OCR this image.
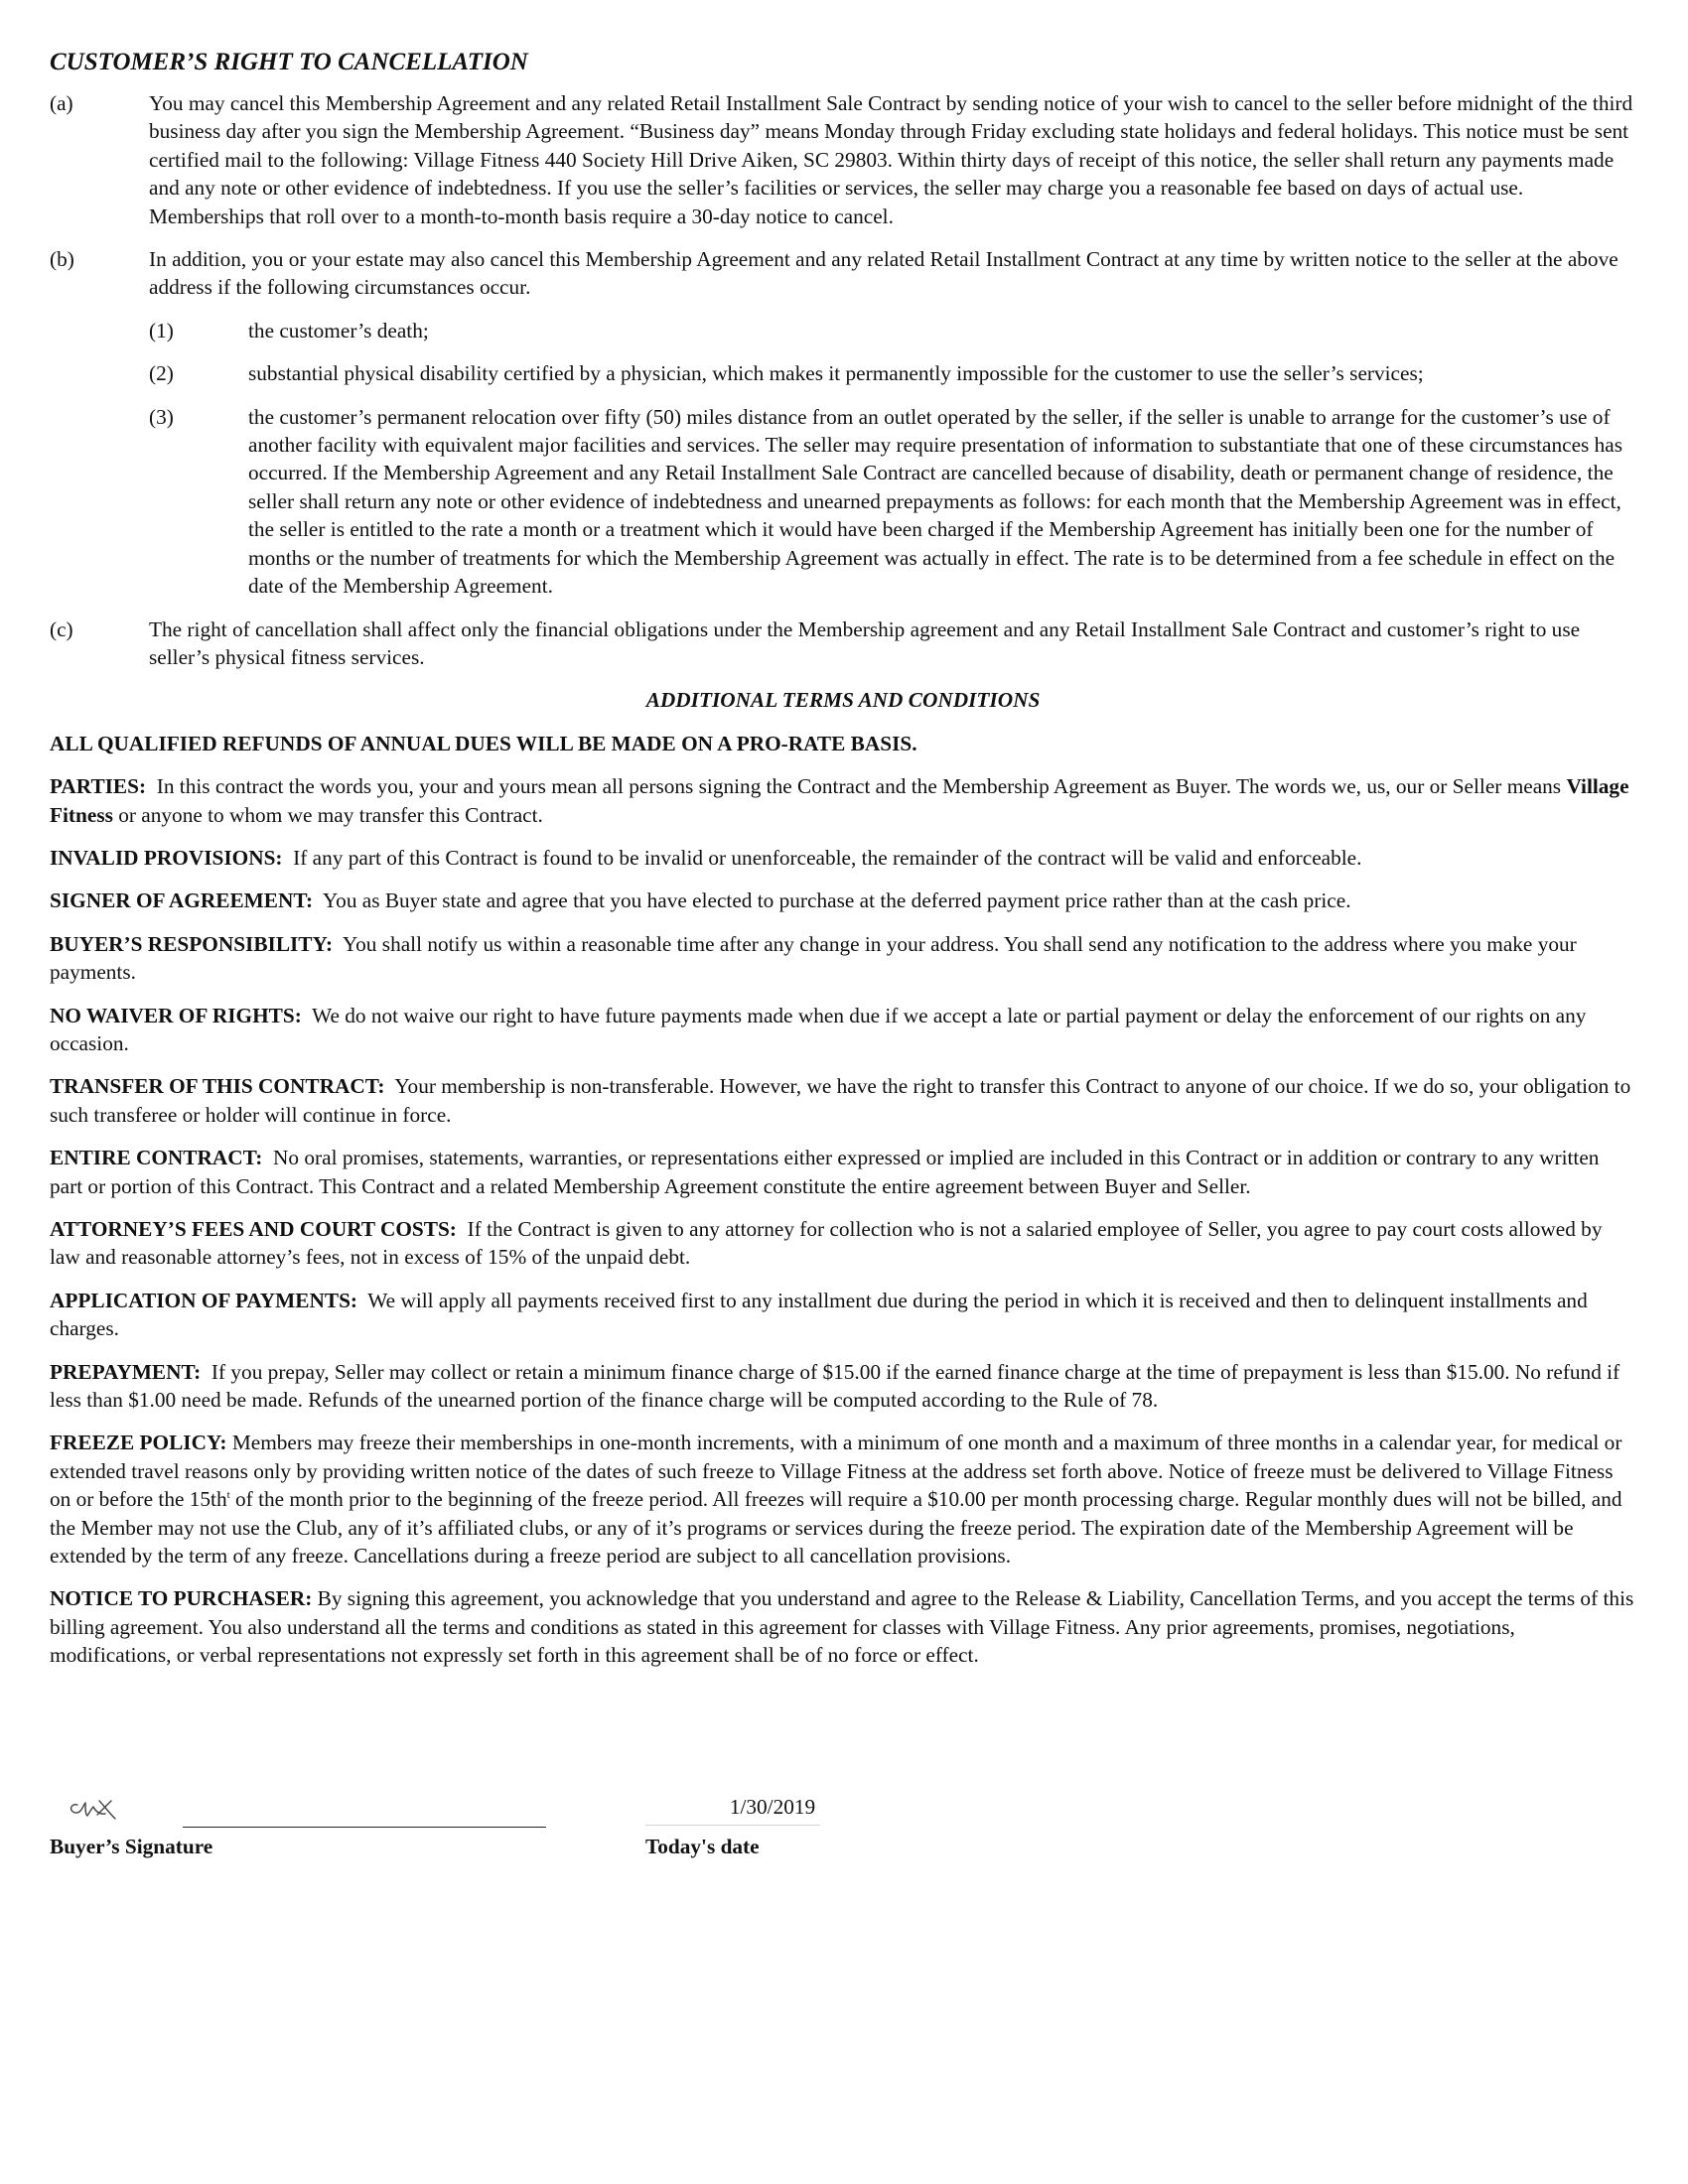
CUSTOMER’S RIGHT TO CANCELLATION
(a)	You may cancel this Membership Agreement and any related Retail Installment Sale Contract by sending notice of your wish to cancel to the seller before midnight of the third business day after you sign the Membership Agreement. “Business day” means Monday through Friday excluding state holidays and federal holidays. This notice must be sent certified mail to the following: Village Fitness 440 Society Hill Drive Aiken, SC 29803. Within thirty days of receipt of this notice, the seller shall return any payments made and any note or other evidence of indebtedness. If you use the seller’s facilities or services, the seller may charge you a reasonable fee based on days of actual use. Memberships that roll over to a month-to-month basis require a 30-day notice to cancel.
(b)	In addition, you or your estate may also cancel this Membership Agreement and any related Retail Installment Contract at any time by written notice to the seller at the above address if the following circumstances occur.
(1)	the customer’s death;
(2)	substantial physical disability certified by a physician, which makes it permanently impossible for the customer to use the seller’s services;
(3)	the customer’s permanent relocation over fifty (50) miles distance from an outlet operated by the seller, if the seller is unable to arrange for the customer’s use of another facility with equivalent major facilities and services. The seller may require presentation of information to substantiate that one of these circumstances has occurred. If the Membership Agreement and any Retail Installment Sale Contract are cancelled because of disability, death or permanent change of residence, the seller shall return any note or other evidence of indebtedness and unearned prepayments as follows: for each month that the Membership Agreement was in effect, the seller is entitled to the rate a month or a treatment which it would have been charged if the Membership Agreement has initially been one for the number of months or the number of treatments for which the Membership Agreement was actually in effect. The rate is to be determined from a fee schedule in effect on the date of the Membership Agreement.
(c)	The right of cancellation shall affect only the financial obligations under the Membership agreement and any Retail Installment Sale Contract and customer’s right to use seller’s physical fitness services.
ADDITIONAL TERMS AND CONDITIONS
ALL QUALIFIED REFUNDS OF ANNUAL DUES WILL BE MADE ON A PRO-RATE BASIS.
PARTIES: In this contract the words you, your and yours mean all persons signing the Contract and the Membership Agreement as Buyer. The words we, us, our or Seller means Village Fitness or anyone to whom we may transfer this Contract.
INVALID PROVISIONS: If any part of this Contract is found to be invalid or unenforceable, the remainder of the contract will be valid and enforceable.
SIGNER OF AGREEMENT: You as Buyer state and agree that you have elected to purchase at the deferred payment price rather than at the cash price.
BUYER’S RESPONSIBILITY: You shall notify us within a reasonable time after any change in your address. You shall send any notification to the address where you make your payments.
NO WAIVER OF RIGHTS: We do not waive our right to have future payments made when due if we accept a late or partial payment or delay the enforcement of our rights on any occasion.
TRANSFER OF THIS CONTRACT: Your membership is non-transferable. However, we have the right to transfer this Contract to anyone of our choice. If we do so, your obligation to such transferee or holder will continue in force.
ENTIRE CONTRACT: No oral promises, statements, warranties, or representations either expressed or implied are included in this Contract or in addition or contrary to any written part or portion of this Contract. This Contract and a related Membership Agreement constitute the entire agreement between Buyer and Seller.
ATTORNEY’S FEES AND COURT COSTS: If the Contract is given to any attorney for collection who is not a salaried employee of Seller, you agree to pay court costs allowed by law and reasonable attorney’s fees, not in excess of 15% of the unpaid debt.
APPLICATION OF PAYMENTS: We will apply all payments received first to any installment due during the period in which it is received and then to delinquent installments and charges.
PREPAYMENT: If you prepay, Seller may collect or retain a minimum finance charge of $15.00 if the earned finance charge at the time of prepayment is less than $15.00. No refund if less than $1.00 need be made. Refunds of the unearned portion of the finance charge will be computed according to the Rule of 78.
FREEZE POLICY: Members may freeze their memberships in one-month increments, with a minimum of one month and a maximum of three months in a calendar year, for medical or extended travel reasons only by providing written notice of the dates of such freeze to Village Fitness at the address set forth above. Notice of freeze must be delivered to Village Fitness on or before the $15th^t$ of the month prior to the beginning of the freeze period. All freezes will require a $10.00 per month processing charge. Regular monthly dues will not be billed, and the Member may not use the Club, any of it’s affiliated clubs, or any of it’s programs or services during the freeze period. The expiration date of the Membership Agreement will be extended by the term of any freeze. Cancellations during a freeze period are subject to all cancellation provisions.
NOTICE TO PURCHASER: By signing this agreement, you acknowledge that you understand and agree to the Release & Liability, Cancellation Terms, and you accept the terms of this billing agreement. You also understand all the terms and conditions as stated in this agreement for classes with Village Fitness. Any prior agreements, promises, negotiations, modifications, or verbal representations not expressly set forth in this agreement shall be of no force or effect.
Buyer’s Signature
1/30/2019
Today's date
